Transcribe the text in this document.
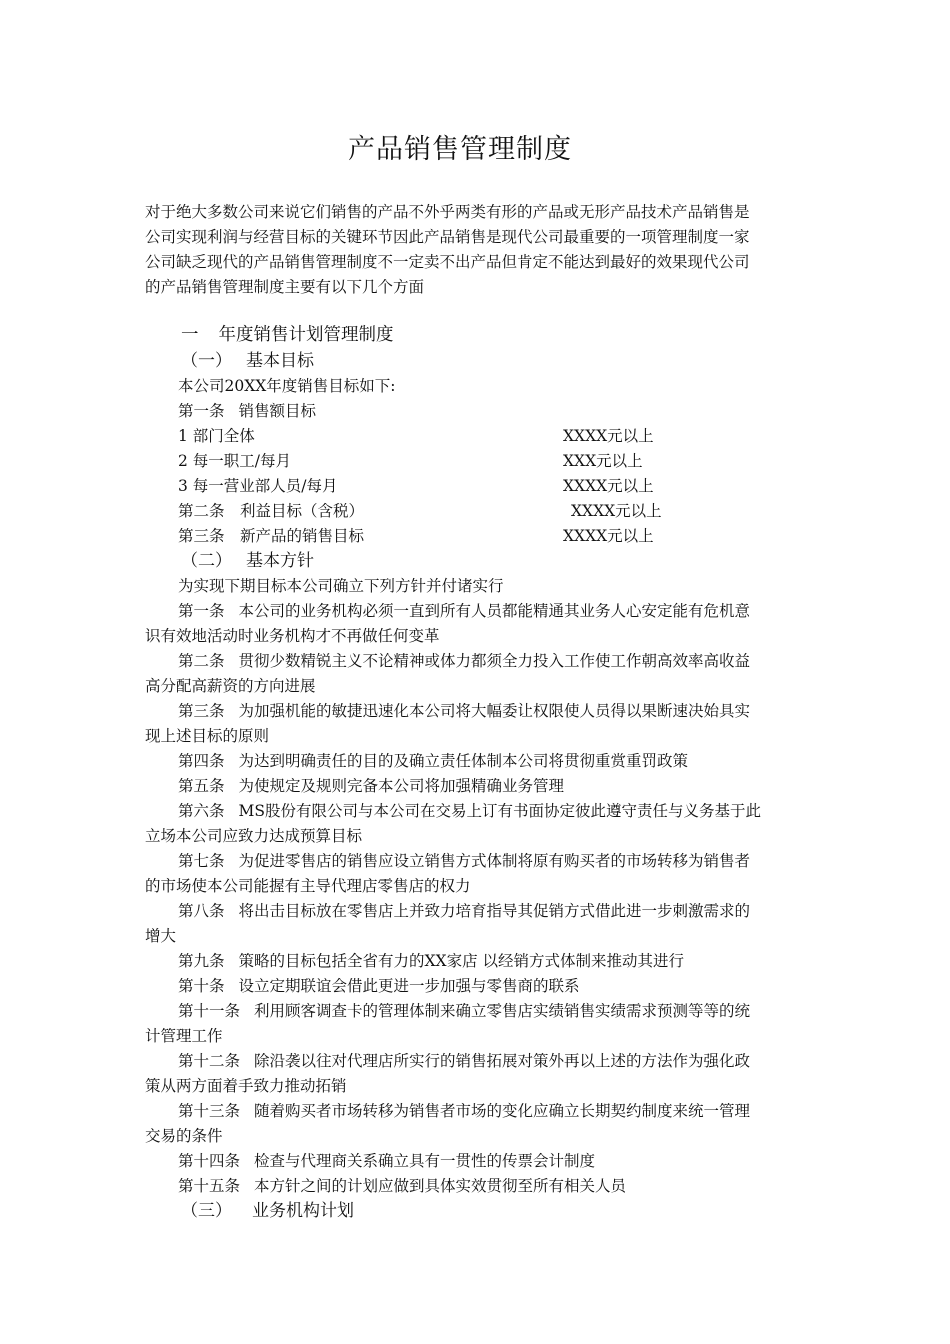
产品销售管理制度
对于绝大多数公司来说它们销售的产品不外乎两类有形的产品或无形产品技术产品销售是
公司实现利润与经营目标的关键环节因此产品销售是现代公司最重要的一项管理制度一家
公司缺乏现代的产品销售管理制度不一定卖不出产品但肯定不能达到最好的效果现代公司
的产品销售管理制度主要有以下几个方面
一 年度销售计划管理制度
（一） 基本目标
本公司20XX年度销售目标如下:
第一条 销售额目标
1 部门全体	XXXX元以上
2 每一职工/每月	XXX元以上
3 每一营业部人员/每月	XXXX元以上
第二条　利益目标（含税）	XXXX元以上
第三条　新产品的销售目标	XXXX元以上
（二） 基本方针
为实现下期目标本公司确立下列方针并付诸实行
第一条 本公司的业务机构必须一直到所有人员都能精通其业务人心安定能有危机意
识有效地活动时业务机构才不再做任何变革
第二条 贯彻少数精锐主义不论精神或体力都须全力投入工作使工作朝高效率高收益
高分配高薪资的方向进展
第三条 为加强机能的敏捷迅速化本公司将大幅委让权限使人员得以果断速决始具实
现上述目标的原则
第四条 为达到明确责任的目的及确立责任体制本公司将贯彻重赏重罚政策
第五条 为使规定及规则完备本公司将加强精确业务管理
第六条 MS股份有限公司与本公司在交易上订有书面协定彼此遵守责任与义务基于此
立场本公司应致力达成预算目标
第七条 为促进零售店的销售应设立销售方式体制将原有购买者的市场转移为销售者
的市场使本公司能握有主导代理店零售店的权力
第八条 将出击目标放在零售店上并致力培育指导其促销方式借此进一步刺激需求的
增大
第九条 策略的目标包括全省有力的XX家店 以经销方式体制来推动其进行
第十条 设立定期联谊会借此更进一步加强与零售商的联系
第十一条 利用顾客调查卡的管理体制来确立零售店实绩销售实绩需求预测等等的统
计管理工作
第十二条 除沿袭以往对代理店所实行的销售拓展对策外再以上述的方法作为强化政
策从两方面着手致力推动拓销
第十三条 随着购买者市场转移为销售者市场的变化应确立长期契约制度来统一管理
交易的条件
第十四条 检查与代理商关系确立具有一贯性的传票会计制度
第十五条 本方针之间的计划应做到具体实效贯彻至所有相关人员
（三） 业务机构计划
